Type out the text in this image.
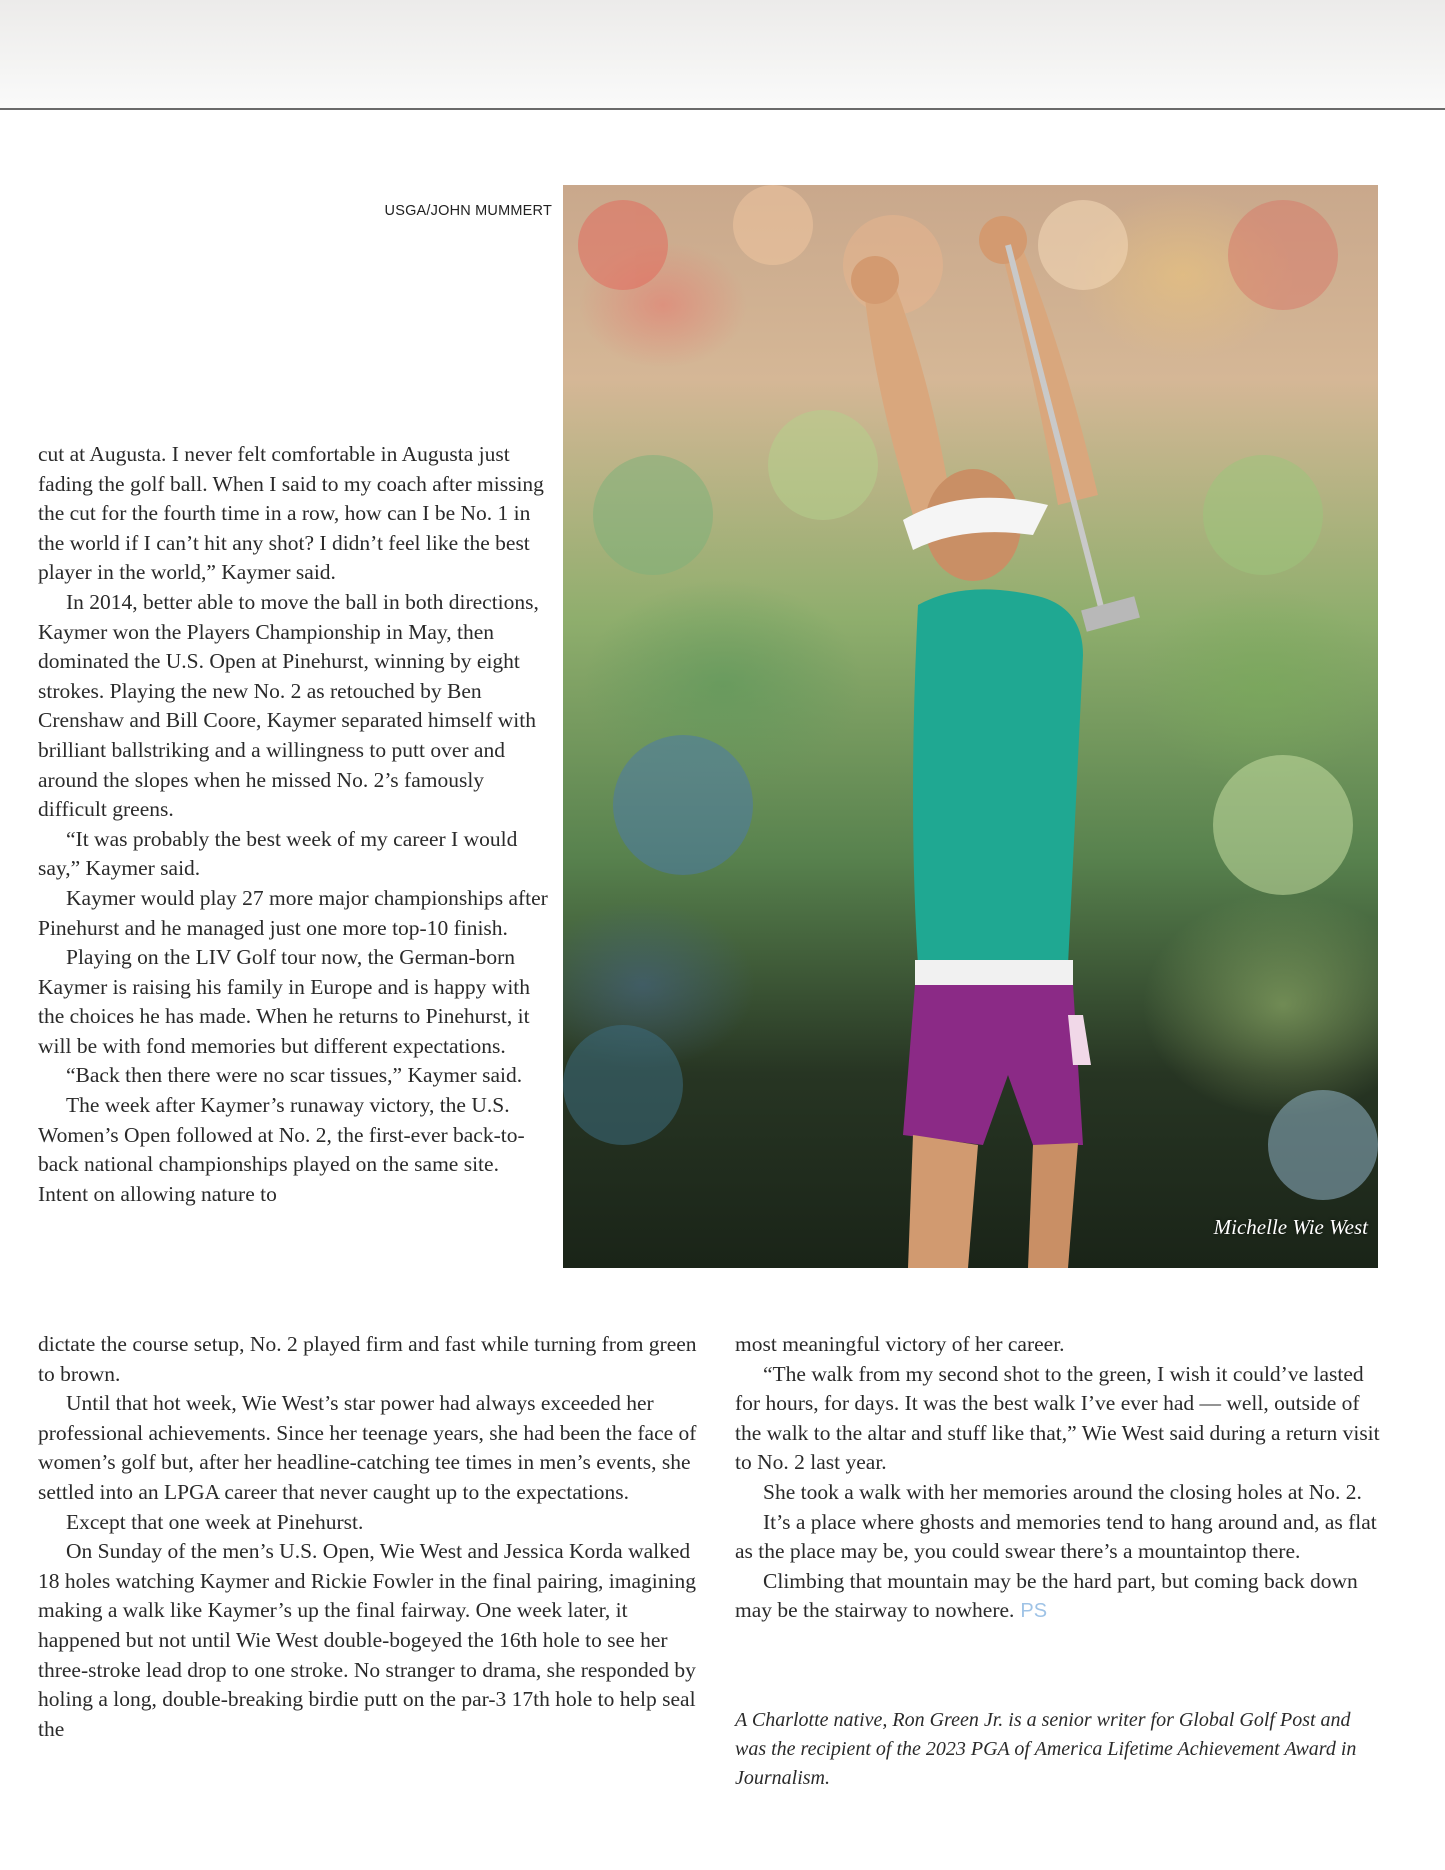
USGA/JOHN MUMMERT
Michelle Wie West

cut at Augusta. I never felt comfortable in Augusta just fading the golf ball. When I said to my coach after missing the cut for the fourth time in a row, how can I be No. 1 in the world if I can’t hit any shot? I didn’t feel like the best player in the world,” Kaymer said.

In 2014, better able to move the ball in both directions, Kaymer won the Players Championship in May, then dominated the U.S. Open at Pinehurst, winning by eight strokes. Playing the new No. 2 as retouched by Ben Crenshaw and Bill Coore, Kaymer separated himself with brilliant ballstriking and a willingness to putt over and around the slopes when he missed No. 2’s famously difficult greens.

“It was probably the best week of my career I would say,” Kaymer said.

Kaymer would play 27 more major championships after Pinehurst and he managed just one more top-10 finish.

Playing on the LIV Golf tour now, the German-born Kaymer is raising his family in Europe and is happy with the choices he has made. When he returns to Pinehurst, it will be with fond memories but different expectations.

“Back then there were no scar tissues,” Kaymer said.

The week after Kaymer’s runaway victory, the U.S. Women’s Open followed at No. 2, the first-ever back-to-back national championships played on the same site. Intent on allowing nature to

dictate the course setup, No. 2 played firm and fast while turning from green to brown.

Until that hot week, Wie West’s star power had always exceeded her professional achievements. Since her teenage years, she had been the face of women’s golf but, after her headline-catching tee times in men’s events, she settled into an LPGA career that never caught up to the expectations.

Except that one week at Pinehurst.

On Sunday of the men’s U.S. Open, Wie West and Jessica Korda walked 18 holes watching Kaymer and Rickie Fowler in the final pairing, imagining making a walk like Kaymer’s up the final fairway. One week later, it happened but not until Wie West double-bogeyed the 16th hole to see her three-stroke lead drop to one stroke. No stranger to drama, she responded by holing a long, double-breaking birdie putt on the par-3 17th hole to help seal the

most meaningful victory of her career.

“The walk from my second shot to the green, I wish it could’ve lasted for hours, for days. It was the best walk I’ve ever had — well, outside of the walk to the altar and stuff like that,” Wie West said during a return visit to No. 2 last year.

She took a walk with her memories around the closing holes at No. 2.

It’s a place where ghosts and memories tend to hang around and, as flat as the place may be, you could swear there’s a mountaintop there.

Climbing that mountain may be the hard part, but coming back down may be the stairway to nowhere. PS

A Charlotte native, Ron Green Jr. is a senior writer for Global Golf Post and was the recipient of the 2023 PGA of America Lifetime Achievement Award in Journalism.
